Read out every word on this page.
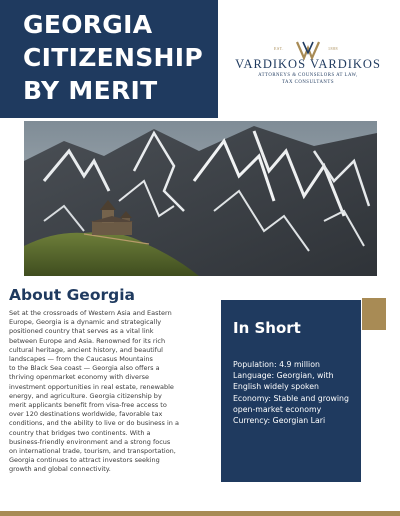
GEORGIA
CITIZENSHIP
BY MERIT
EST.	1888
VARDIKOS VARDIKOS
ATTORNEYS & COUNSELORS AT LAW,
TAX CONSULTANTS
About Georgia
Set at the crossroads of Western Asia and Eastern
Europe, Georgia is a dynamic and strategically
positioned country that serves as a vital link
between Europe and Asia. Renowned for its rich
cultural heritage, ancient history, and beautiful
landscapes — from the Caucasus Mountains
to the Black Sea coast — Georgia also offers a
thriving openmarket economy with diverse
investment opportunities in real estate, renewable
energy, and agriculture. Georgia citizenship by
merit applicants benefit from visa-free access to
over 120 destinations worldwide, favorable tax
conditions, and the ability to live or do business in a
country that bridges two continents. With a
business-friendly environment and a strong focus
on international trade, tourism, and transportation,
Georgia continues to attract investors seeking
growth and global connectivity.
In Short
Population: 4.9 million
Language: Georgian, with
English widely spoken
Economy: Stable and growing
open-market economy
Currency: Georgian Lari
